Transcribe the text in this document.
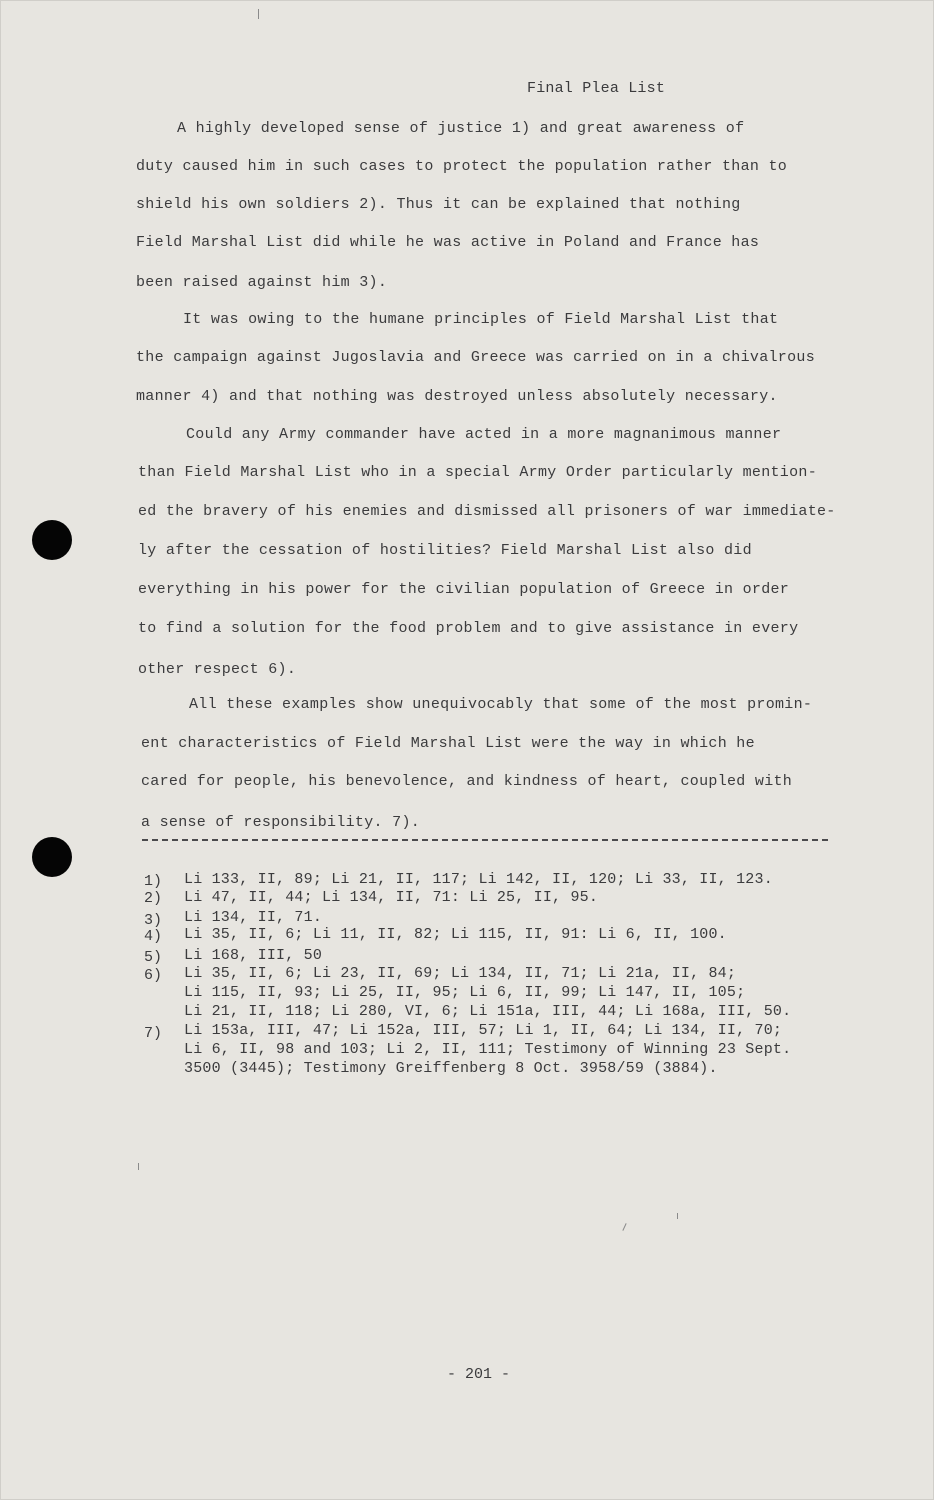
Final Plea List
A highly developed sense of justice 1) and great awareness of
duty caused him in such cases to protect the population rather than to
shield his own soldiers 2). Thus it can be explained that nothing
Field Marshal List did while he was active in Poland and France has
been raised against him 3).
It was owing to the humane principles of Field Marshal List that
the campaign against Jugoslavia and Greece was carried on in a chivalrous
manner 4) and that nothing was destroyed unless absolutely necessary.
Could any Army commander have acted in a more magnanimous manner
than Field Marshal List who in a special Army Order particularly mention-
ed the bravery of his enemies and dismissed all prisoners of war immediate-
ly after the cessation of hostilities? Field Marshal List also did
everything in his power for the civilian population of Greece in order
to find a solution for the food problem and to give assistance in every
other respect 6).
All these examples show unequivocably that some of the most promin-
ent characteristics of Field Marshal List were the way in which he
cared for people, his benevolence, and kindness of heart, coupled with
a sense of responsibility. 7).
1) Li 133, II, 89; Li 21, II, 117; Li 142, II, 120; Li 33, II, 123.
2) Li 47, II, 44; Li 134, II, 71: Li 25, II, 95.
3) Li 134, II, 71.
4) Li 35, II, 6; Li 11, II, 82; Li 115, II, 91: Li 6, II, 100.
5) Li 168, III, 50
6) Li 35, II, 6; Li 23, II, 69; Li 134, II, 71; Li 21a, II, 84;
Li 115, II, 93; Li 25, II, 95; Li 6, II, 99; Li 147, II, 105;
Li 21, II, 118; Li 280, VI, 6; Li 151a, III, 44; Li 168a, III, 50.
7) Li 153a, III, 47; Li 152a, III, 57; Li 1, II, 64; Li 134, II, 70;
Li 6, II, 98 and 103; Li 2, II, 111; Testimony of Winning 23 Sept.
3500 (3445); Testimony Greiffenberg 8 Oct. 3958/59 (3884).
- 201 -
